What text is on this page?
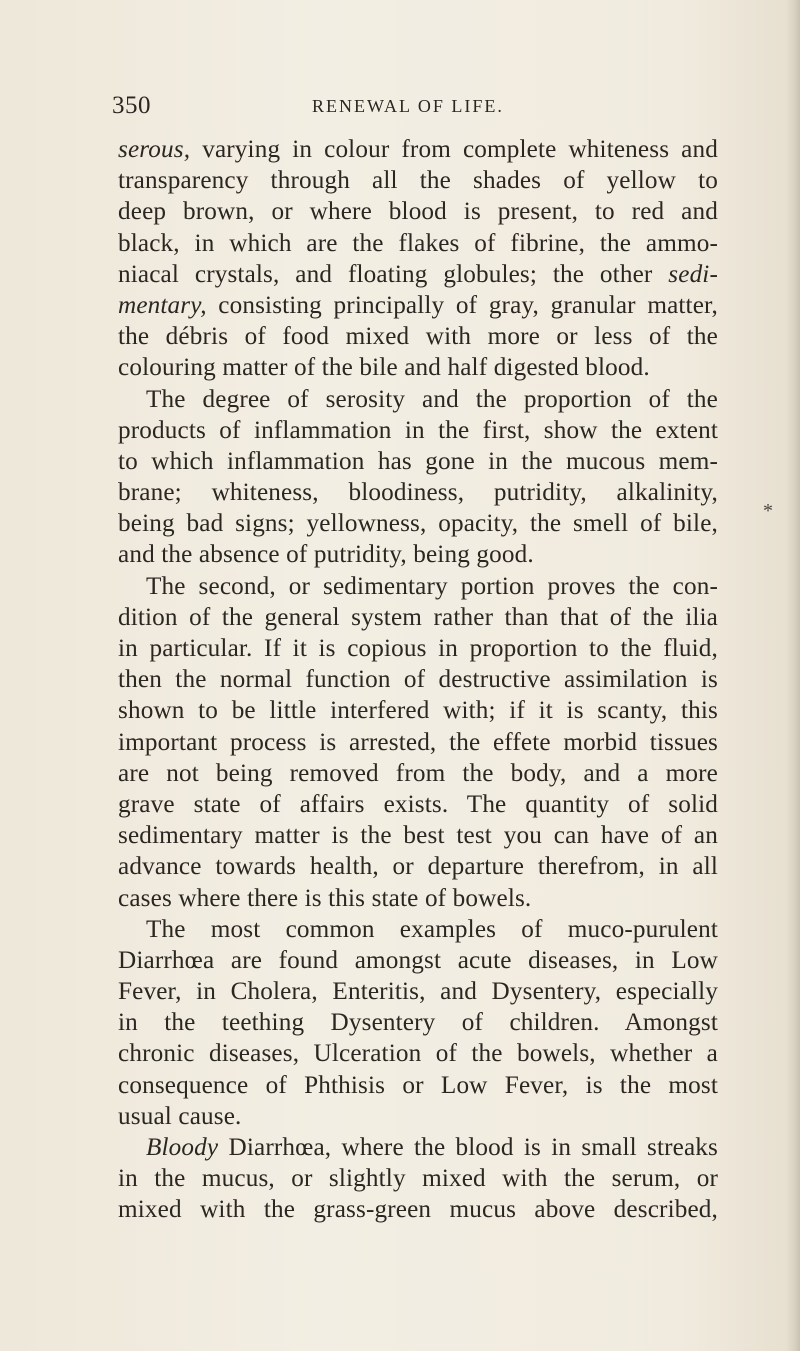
350	RENEWAL OF LIFE.
serous, varying in colour from complete whiteness and
transparency through all the shades of yellow to
deep brown, or where blood is present, to red and
black, in which are the flakes of fibrine, the ammo-
niacal crystals, and floating globules; the other sedi-
mentary, consisting principally of gray, granular matter,
the débris of food mixed with more or less of the
colouring matter of the bile and half digested blood.
The degree of serosity and the proportion of the
products of inflammation in the first, show the extent
to which inflammation has gone in the mucous mem-
brane; whiteness, bloodiness, putridity, alkalinity,
being bad signs; yellowness, opacity, the smell of bile,
and the absence of putridity, being good.
The second, or sedimentary portion proves the con-
dition of the general system rather than that of the ilia
in particular. If it is copious in proportion to the fluid,
then the normal function of destructive assimilation is
shown to be little interfered with; if it is scanty, this
important process is arrested, the effete morbid tissues
are not being removed from the body, and a more
grave state of affairs exists. The quantity of solid
sedimentary matter is the best test you can have of an
advance towards health, or departure therefrom, in all
cases where there is this state of bowels.
The most common examples of muco-purulent
Diarrhœa are found amongst acute diseases, in Low
Fever, in Cholera, Enteritis, and Dysentery, especially
in the teething Dysentery of children. Amongst
chronic diseases, Ulceration of the bowels, whether a
consequence of Phthisis or Low Fever, is the most
usual cause.
Bloody Diarrhœa, where the blood is in small streaks
in the mucus, or slightly mixed with the serum, or
mixed with the grass-green mucus above described,
*
